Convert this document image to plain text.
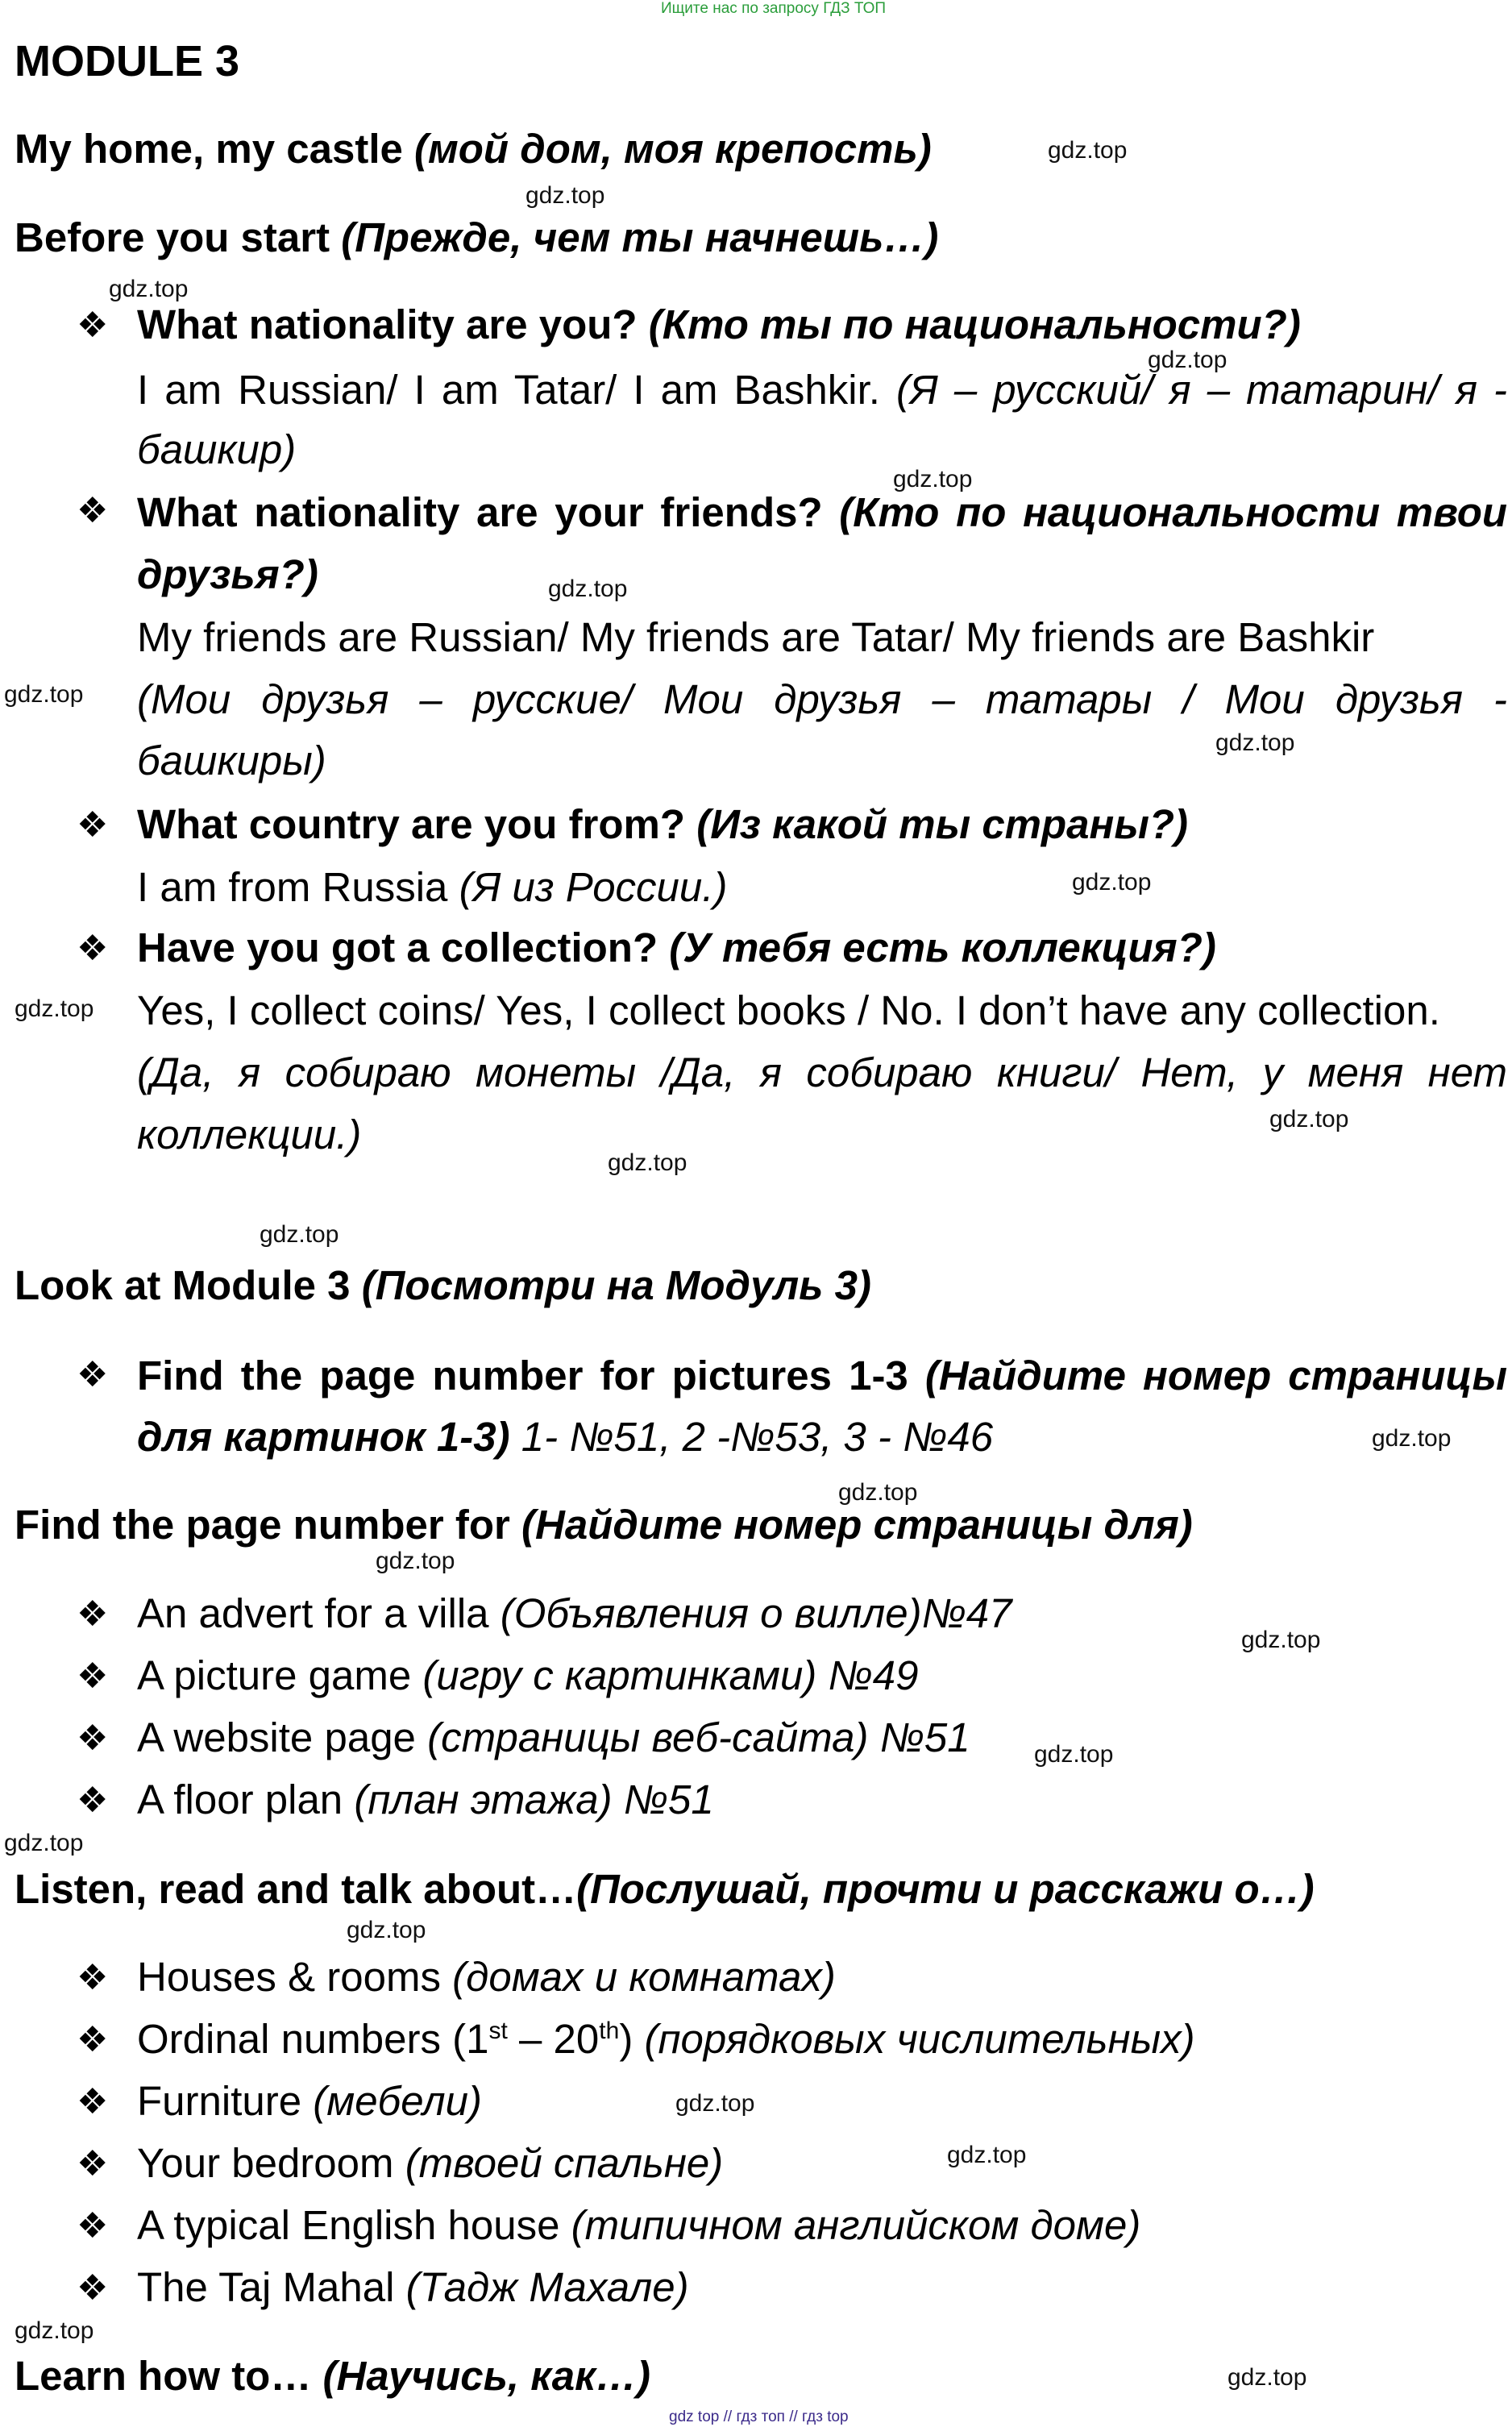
Ищите нас по запросу ГДЗ ТОП
MODULE 3
My home, my castle (мой дом, моя крепость)
Before you start (Прежде, чем ты начнешь…)
❖ What nationality are you? (Кто ты по национальности?)
I am Russian/ I am Tatar/ I am Bashkir. (Я – русский/ я – татарин/ я -
башкир)
❖ What nationality are your friends? (Кто по национальности твои
друзья?)
My friends are Russian/ My friends are Tatar/ My friends are Bashkir
(Мои друзья – русские/ Мои друзья – татары / Мои друзья -
башкиры)
❖ What country are you from? (Из какой ты страны?)
I am from Russia (Я из России.)
❖ Have you got a collection? (У тебя есть коллекция?)
Yes, I collect coins/ Yes, I collect books / No. I don’t have any collection.
(Да, я собираю монеты /Да, я собираю книги/ Нет, у меня нет
коллекции.)
Look at Module 3 (Посмотри на Модуль 3)
❖ Find the page number for pictures 1-3 (Найдите номер страницы
для картинок 1-3) 1- №51, 2 -№53, 3 - №46
Find the page number for (Найдите номер страницы для)
❖ An advert for a villa (Объявления о вилле)№47
❖ A picture game (игру с картинками) №49
❖ A website page (страницы веб-сайта) №51
❖ A floor plan (план этажа) №51
Listen, read and talk about…(Послушай, прочти и расскажи о…)
❖ Houses & rooms (домах и комнатах)
❖ Ordinal numbers (1st – 20th) (порядковых числительных)
❖ Furniture (мебели)
❖ Your bedroom (твоей спальне)
❖ A typical English house (типичном английском доме)
❖ The Taj Mahal (Тадж Махале)
Learn how to… (Научись, как…)
gdz.top
gdz.top
gdz.top
gdz.top
gdz.top
gdz.top
gdz.top
gdz.top
gdz.top
gdz.top
gdz.top
gdz.top
gdz.top
gdz.top
gdz.top
gdz.top
gdz.top
gdz.top
gdz.top
gdz.top
gdz.top
gdz.top
gdz.top
gdz.top
gdz top // гдз топ // гдз top
